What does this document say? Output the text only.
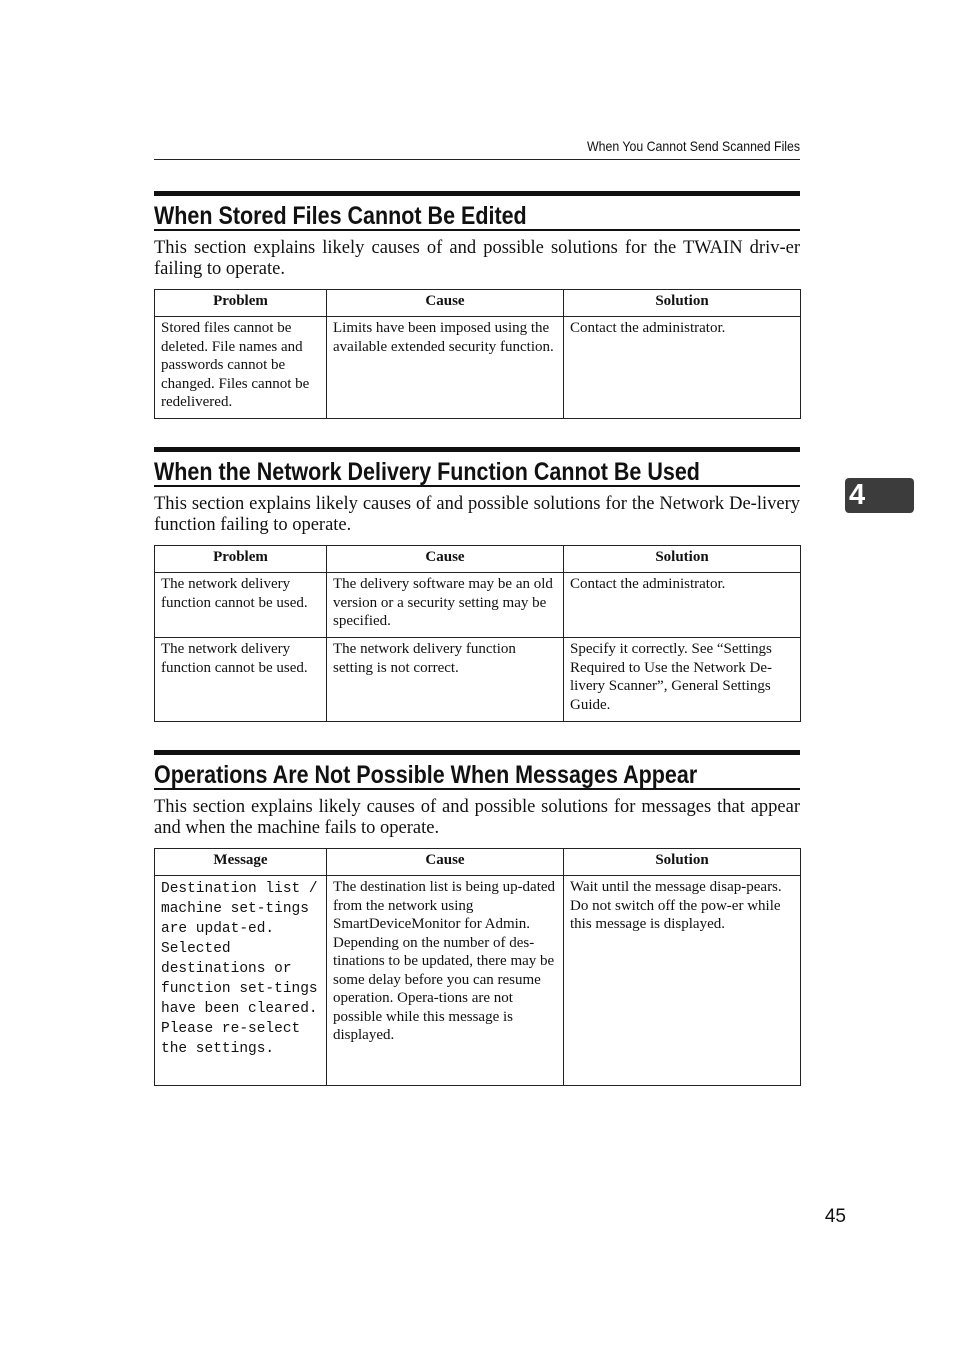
When You Cannot Send Scanned Files
When Stored Files Cannot Be Edited

This section explains likely causes of and possible solutions for the TWAIN driv-er failing to operate.

Problem	Cause	Solution
Stored files cannot be deleted. File names and passwords cannot be changed. Files cannot be redelivered.	Limits have been imposed using the available extended security function.	Contact the administrator.
When the Network Delivery Function Cannot Be Used

This section explains likely causes of and possible solutions for the Network De-livery function failing to operate.

Problem	Cause	Solution
The network delivery function cannot be used.	The delivery software may be an old version or a security setting may be specified.	Contact the administrator.
The network delivery function cannot be used.	The network delivery function setting is not correct.	Specify it correctly. See “Settings Required to Use the Network De-livery Scanner”, General Settings Guide.
Operations Are Not Possible When Messages Appear

This section explains likely causes of and possible solutions for messages that appear and when the machine fails to operate.

Message	Cause	Solution
Destination list / machine set-tings are updat-ed. Selected destinations or function set-tings have been cleared. Please re-select the settings.	The destination list is being up-dated from the network using SmartDeviceMonitor for Admin. Depending on the number of des-tinations to be updated, there may be some delay before you can resume operation. Opera-tions are not possible while this message is displayed.	Wait until the message disap-pears. Do not switch off the pow-er while this message is displayed.
4
45
